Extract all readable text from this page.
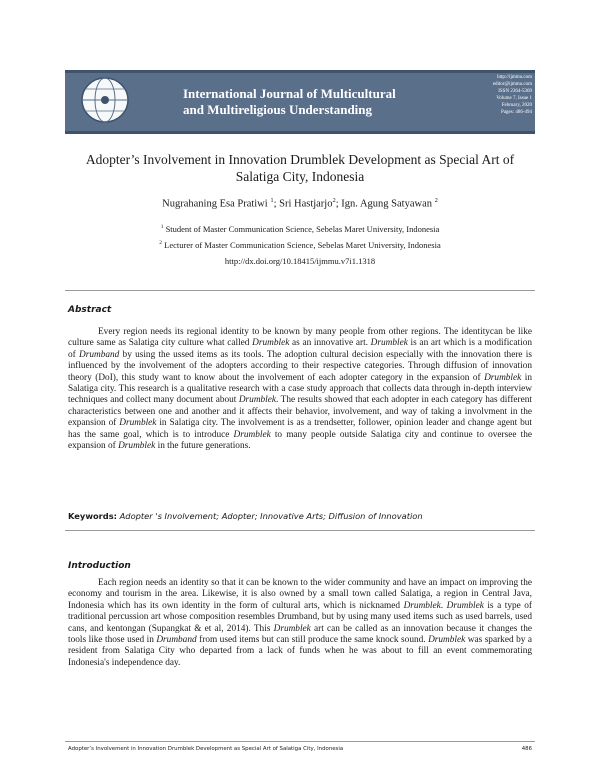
International Journal of Multicultural
and Multireligious Understanding
http://ijmmu.com
editor@ijmmu.com
ISSN 2364-5369
Volume 7, Issue 1
February, 2020
Pages: 486-494
Adopter’s Involvement in Innovation Drumblek Development as Special Art of
Salatiga City, Indonesia
Nugrahaning Esa Pratiwi $^1$; Sri Hastjarjo$^2$; Ign. Agung Satyawan $^2$
$^1$ Student of Master Communication Science, Sebelas Maret University, Indonesia
$^2$ Lecturer of Master Communication Science, Sebelas Maret University, Indonesia
http://dx.doi.org/10.18415/ijmmu.v7i1.1318
Abstract
Every region needs its regional identity to be known by many people from other regions. The identitycan be like culture same as Salatiga city culture what called Drumblek as an innovative art. Drumblek is an art which is a modification of Drumband by using the ussed items as its tools. The adoption cultural decision especially with the innovation there is influenced by the involvement of the adopters according to their respective categories. Through diffusion of innovation theory (DoI), this study want to know about the involvement of each adopter category in the expansion of Drumblek in Salatiga city. This research is a qualitative research with a case study approach that collects data through in-depth interview techniques and collect many document about Drumblek. The results showed that each adopter in each category has different characteristics between one and another and it affects their behavior, involvement, and way of taking a involvment in the expansion of Drumblek in Salatiga city. The involvement is as a trendsetter, follower, opinion leader and change agent but has the same goal, which is to introduce Drumblek to many people outside Salatiga city and continue to oversee the expansion of Drumblek in the future generations.
Keywords: Adopter 's Involvement; Adopter; Innovative Arts; Diffusion of Innovation
Introduction
Each region needs an identity so that it can be known to the wider community and have an impact on improving the economy and tourism in the area. Likewise, it is also owned by a small town called Salatiga, a region in Central Java, Indonesia which has its own identity in the form of cultural arts, which is nicknamed Drumblek. Drumblek is a type of traditional percussion art whose composition resembles Drumband, but by using many used items such as used barrels, used cans, and kentongan (Supangkat & et al, 2014). This Drumblek art can be called as an innovation because it changes the tools like those used in Drumband from used items but can still produce the same knock sound. Drumblek was sparked by a resident from Salatiga City who departed from a lack of funds when he was about to fill an event commemorating Indonesia's independence day.
Adopter’s Involvement in Innovation Drumblek Development as Special Art of Salatiga City, Indonesia	486
